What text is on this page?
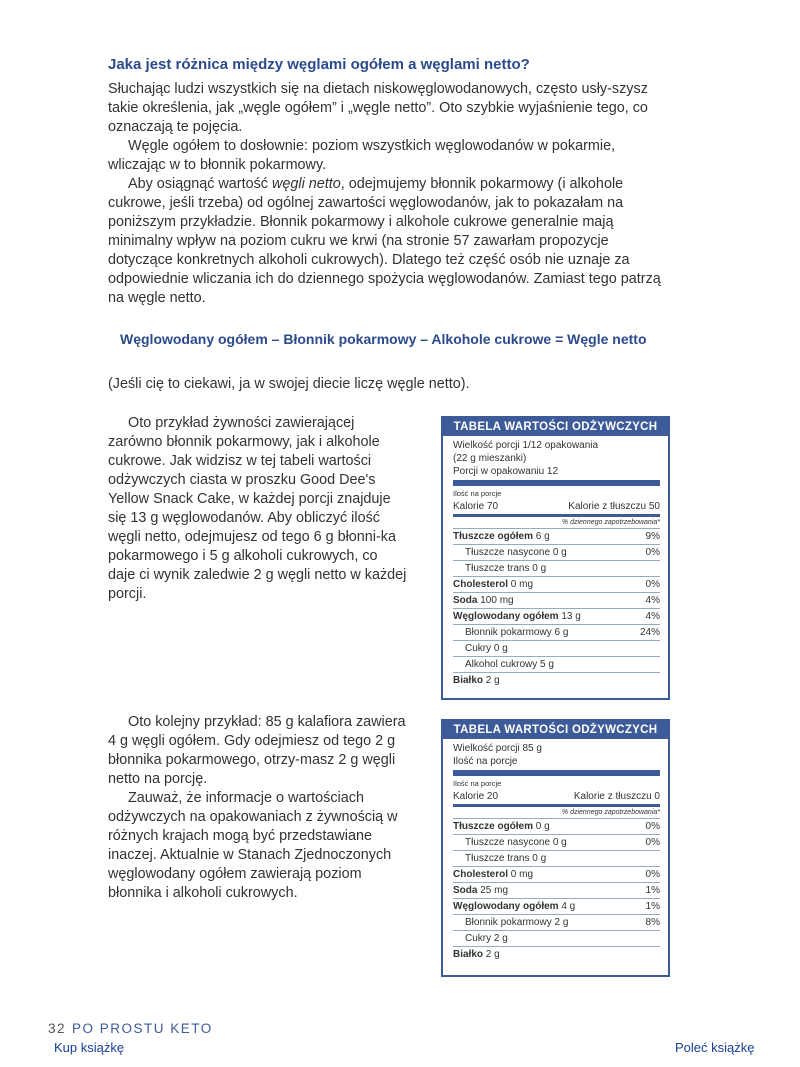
Jaka jest różnica między węglami ogółem a węglami netto?

Słuchając ludzi wszystkich się na dietach niskowęglowodanowych, często usły-szysz takie określenia, jak „węgle ogółem” i „węgle netto”. Oto szybkie wyjaśnienie tego, co oznaczają te pojęcia.

Węgle ogółem to dosłownie: poziom wszystkich węglowodanów w pokarmie, wliczając w to błonnik pokarmowy.

Aby osiągnąć wartość węgli netto, odejmujemy błonnik pokarmowy (i alkohole cukrowe, jeśli trzeba) od ogólnej zawartości węglowodanów, jak to pokazałam na poniższym przykładzie. Błonnik pokarmowy i alkohole cukrowe generalnie mają minimalny wpływ na poziom cukru we krwi (na stronie 57 zawarłam propozycje dotyczące konkretnych alkoholi cukrowych). Dlatego też część osób nie uznaje za odpowiednie wliczania ich do dziennego spożycia węglowodanów. Zamiast tego patrzą na węgle netto.

Węglowodany ogółem – Błonnik pokarmowy – Alkohole cukrowe = Węgle netto
(Jeśli cię to ciekawi, ja w swojej diecie liczę węgle netto).

Oto przykład żywności zawierającej zarówno błonnik pokarmowy, jak i alkohole cukrowe. Jak widzisz w tej tabeli wartości odżywczych ciasta w proszku Good Dee's Yellow Snack Cake, w każdej porcji znajduje się 13 g węglowodanów. Aby obliczyć ilość węgli netto, odejmujesz od tego 6 g błonni-ka pokarmowego i 5 g alkoholi cukrowych, co daje ci wynik zaledwie 2 g węgli netto w każdej porcji.

TABELA WARTOŚCI ODŻYWCZYCH
Wielkość porcji 1/12 opakowania
(22 g mieszanki)
Porcji w opakowaniu 12
Ilość na porcje
Kalorie 70	Kalorie z tłuszczu 50
% dziennego zapotrzebowania*
Tłuszcze ogółem 6 g	9%
Tłuszcze nasycone 0 g	0%
Tłuszcze trans 0 g
Cholesterol 0 mg	0%
Soda 100 mg	4%
Węglowodany ogółem 13 g	4%
Błonnik pokarmowy 6 g	24%
Cukry 0 g
Alkohol cukrowy 5 g
Białko 2 g

Oto kolejny przykład: 85 g kalafiora zawiera 4 g węgli ogółem. Gdy odejmiesz od tego 2 g błonnika pokarmowego, otrzy-masz 2 g węgli netto na porcję.

Zauważ, że informacje o wartościach odżywczych na opakowaniach z żywnością w różnych krajach mogą być przedstawiane inaczej. Aktualnie w Stanach Zjednoczonych węglowodany ogółem zawierają poziom błonnika i alkoholi cukrowych.

TABELA WARTOŚCI ODŻYWCZYCH
Wielkość porcji 85 g
Ilość na porcje
Ilość na porcje
Kalorie 20	Kalorie z tłuszczu 0
% dziennego zapotrzebowania*
Tłuszcze ogółem 0 g	0%
Tłuszcze nasycone 0 g	0%
Tłuszcze trans 0 g
Cholesterol 0 mg	0%
Soda 25 mg	1%
Węglowodany ogółem 4 g	1%
Błonnik pokarmowy 2 g	8%
Cukry 2 g
Białko 2 g
32 PO PROSTU KETO
Kup książkę	Poleć książkę
